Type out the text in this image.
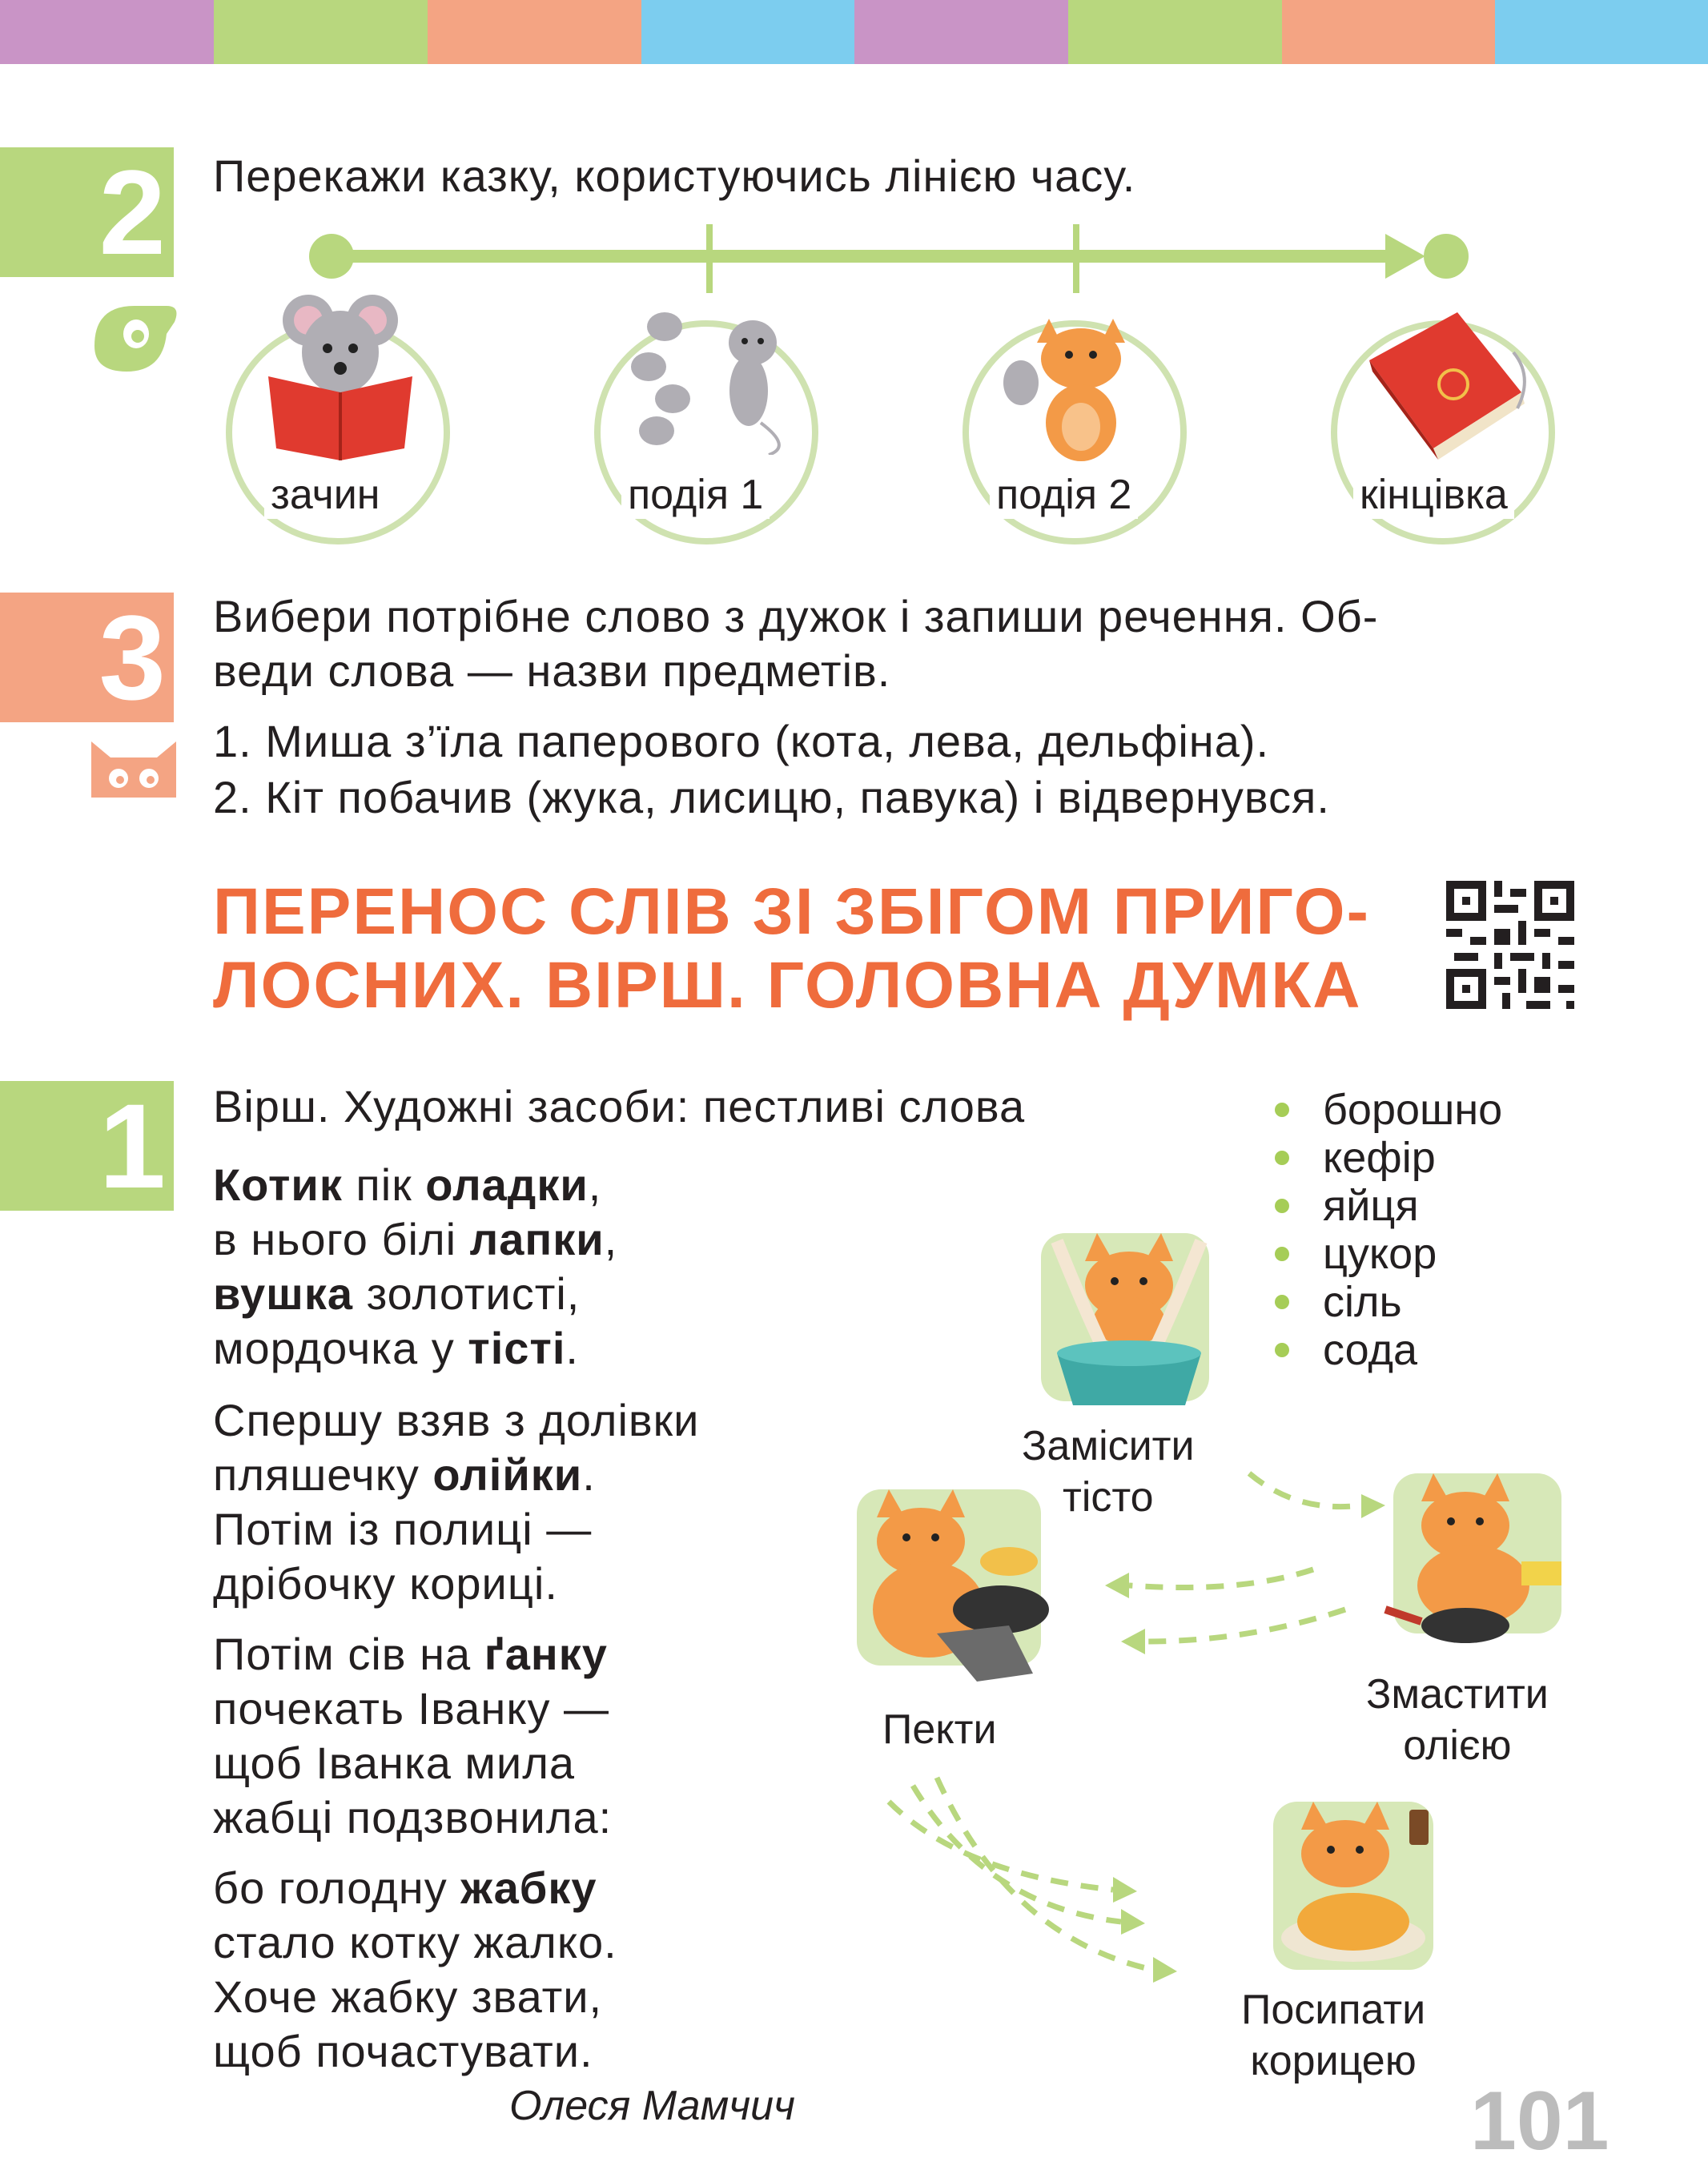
2 Перекажи казку, користуючись лінією часу.
зачин	подія 1	подія 2	кінцівка
3 Вибери потрібне слово з дужок і запиши речення. Об-
веди слова — назви предметів.
1. Миша з’їла паперового (кота, лева, дельфіна).
2. Кіт побачив (жука, лисицю, павука) і відвернувся.
ПЕРЕНОС СЛІВ ЗІ ЗБІГОМ ПРИГО-
ЛОСНИХ. ВІРШ. ГОЛОВНА ДУМКА
1 Вірш. Художні засоби: пестливі слова
Котик пік оладки,
в нього білі лапки,
вушка золотисті,
мордочка у тісті.
Спершу взяв з долівки
пляшечку олійки.
Потім із полиці —
дрібочку кориці.
Потім сів на ґанку
почекать Іванку —
щоб Іванка мила
жабці подзвонила:
бо голодну жабку
стало котку жалко.
Хоче жабку звати,
щоб почастувати.
Олеся Мамчич
борошно
кефір
яйця
цукор
сіль
сода
Замісити
тісто
Змастити
олією
Пекти
Посипати
корицею
101
